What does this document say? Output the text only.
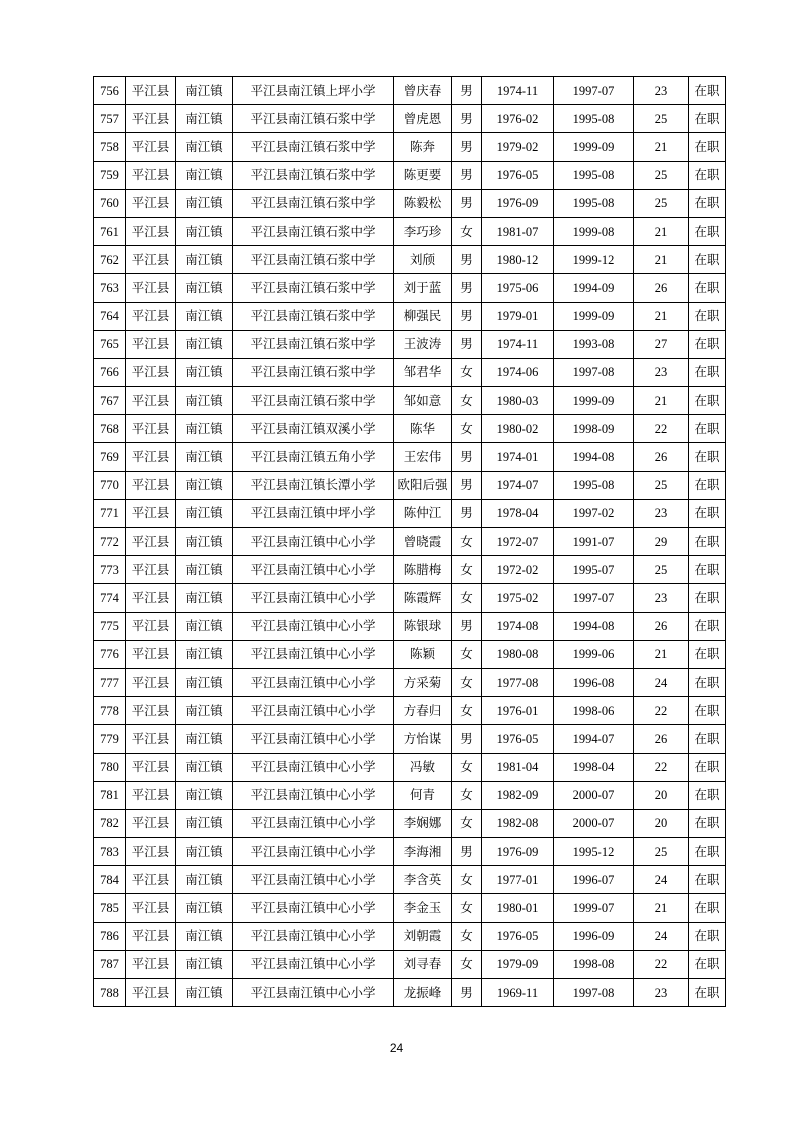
756	平江县	南江镇	平江县南江镇上坪小学	曾庆春	男	1974-11	1997-07	23	在职
757	平江县	南江镇	平江县南江镇石浆中学	曾虎恩	男	1976-02	1995-08	25	在职
758	平江县	南江镇	平江县南江镇石浆中学	陈奔	男	1979-02	1999-09	21	在职
759	平江县	南江镇	平江县南江镇石浆中学	陈更要	男	1976-05	1995-08	25	在职
760	平江县	南江镇	平江县南江镇石浆中学	陈毅松	男	1976-09	1995-08	25	在职
761	平江县	南江镇	平江县南江镇石浆中学	李巧珍	女	1981-07	1999-08	21	在职
762	平江县	南江镇	平江县南江镇石浆中学	刘颀	男	1980-12	1999-12	21	在职
763	平江县	南江镇	平江县南江镇石浆中学	刘于蓝	男	1975-06	1994-09	26	在职
764	平江县	南江镇	平江县南江镇石浆中学	柳强民	男	1979-01	1999-09	21	在职
765	平江县	南江镇	平江县南江镇石浆中学	王波涛	男	1974-11	1993-08	27	在职
766	平江县	南江镇	平江县南江镇石浆中学	邹君华	女	1974-06	1997-08	23	在职
767	平江县	南江镇	平江县南江镇石浆中学	邹如意	女	1980-03	1999-09	21	在职
768	平江县	南江镇	平江县南江镇双溪小学	陈华	女	1980-02	1998-09	22	在职
769	平江县	南江镇	平江县南江镇五角小学	王宏伟	男	1974-01	1994-08	26	在职
770	平江县	南江镇	平江县南江镇长潭小学	欧阳后强	男	1974-07	1995-08	25	在职
771	平江县	南江镇	平江县南江镇中坪小学	陈仲江	男	1978-04	1997-02	23	在职
772	平江县	南江镇	平江县南江镇中心小学	曾晓霞	女	1972-07	1991-07	29	在职
773	平江县	南江镇	平江县南江镇中心小学	陈腊梅	女	1972-02	1995-07	25	在职
774	平江县	南江镇	平江县南江镇中心小学	陈霞辉	女	1975-02	1997-07	23	在职
775	平江县	南江镇	平江县南江镇中心小学	陈银球	男	1974-08	1994-08	26	在职
776	平江县	南江镇	平江县南江镇中心小学	陈颖	女	1980-08	1999-06	21	在职
777	平江县	南江镇	平江县南江镇中心小学	方采菊	女	1977-08	1996-08	24	在职
778	平江县	南江镇	平江县南江镇中心小学	方春归	女	1976-01	1998-06	22	在职
779	平江县	南江镇	平江县南江镇中心小学	方怡谋	男	1976-05	1994-07	26	在职
780	平江县	南江镇	平江县南江镇中心小学	冯敏	女	1981-04	1998-04	22	在职
781	平江县	南江镇	平江县南江镇中心小学	何青	女	1982-09	2000-07	20	在职
782	平江县	南江镇	平江县南江镇中心小学	李娴娜	女	1982-08	2000-07	20	在职
783	平江县	南江镇	平江县南江镇中心小学	李海湘	男	1976-09	1995-12	25	在职
784	平江县	南江镇	平江县南江镇中心小学	李含英	女	1977-01	1996-07	24	在职
785	平江县	南江镇	平江县南江镇中心小学	李金玉	女	1980-01	1999-07	21	在职
786	平江县	南江镇	平江县南江镇中心小学	刘朝霞	女	1976-05	1996-09	24	在职
787	平江县	南江镇	平江县南江镇中心小学	刘寻春	女	1979-09	1998-08	22	在职
788	平江县	南江镇	平江县南江镇中心小学	龙振峰	男	1969-11	1997-08	23	在职
24
